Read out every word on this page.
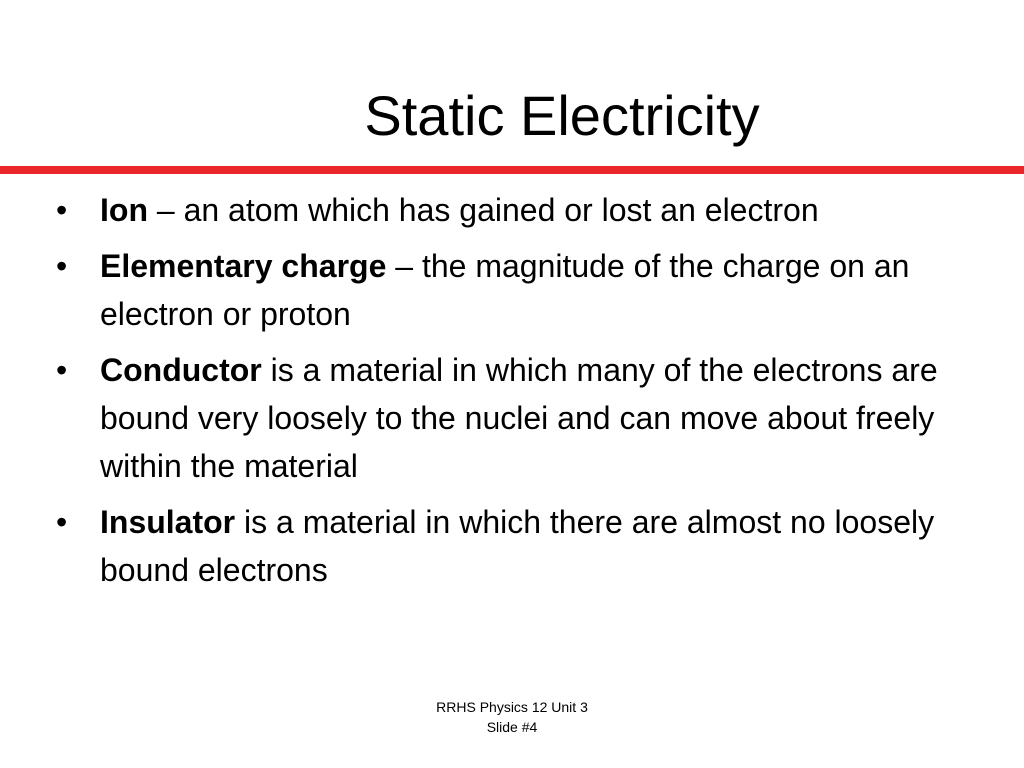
Static Electricity
•	Ion – an atom which has gained or lost an electron
•	Elementary charge – the magnitude of the charge on an electron or proton
•	Conductor is a material in which many of the electrons are bound very loosely to the nuclei and can move about freely within the material
•	Insulator is a material in which there are almost no loosely bound electrons
RRHS Physics 12 Unit 3
Slide #4
